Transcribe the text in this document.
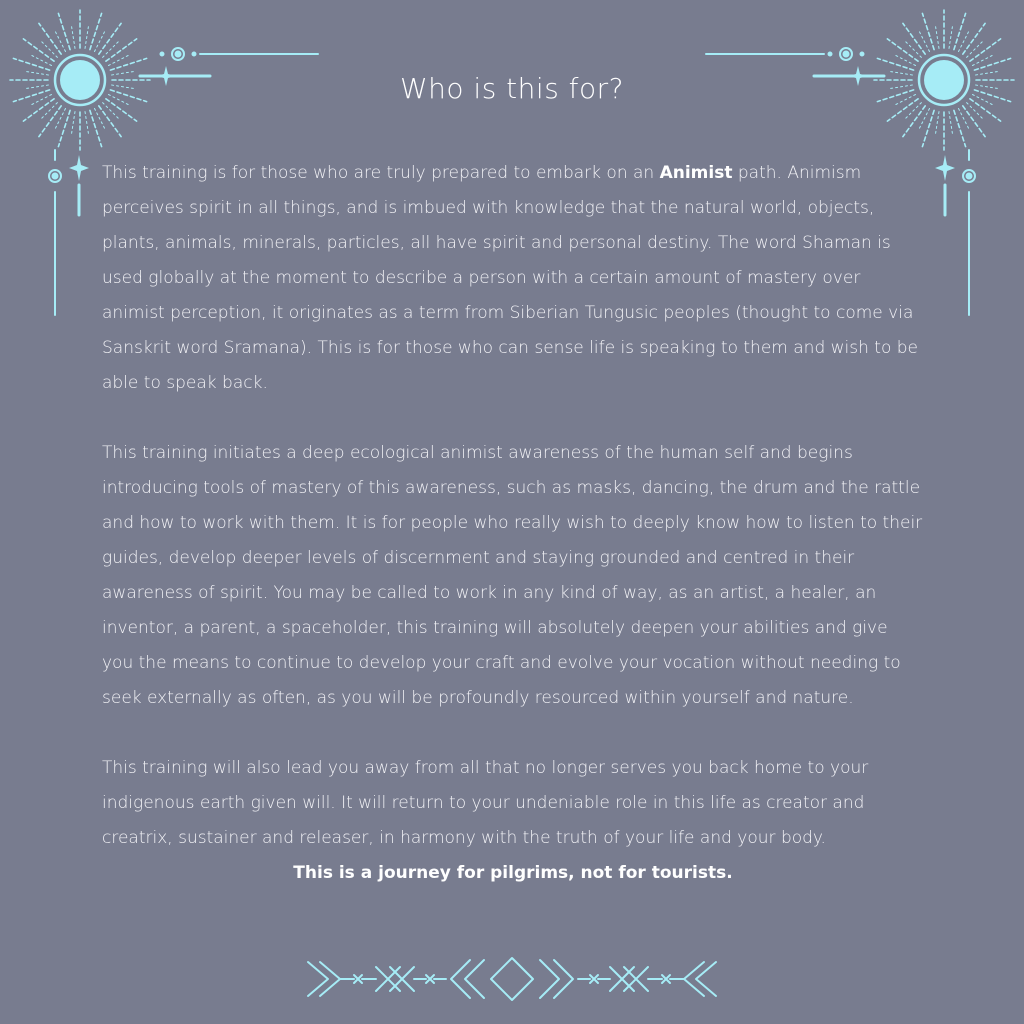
Who is this for?

This training is for those who are truly prepared to embark on an Animist path. Animism perceives spirit in all things, and is imbued with knowledge that the natural world, objects, plants, animals, minerals, particles, all have spirit and personal destiny. The word Shaman is used globally at the moment to describe a person with a certain amount of mastery over animist perception, it originates as a term from Siberian Tungusic peoples (thought to come via Sanskrit word Sramana). This is for those who can sense life is speaking to them and wish to be able to speak back.

This training initiates a deep ecological animist awareness of the human self and begins introducing tools of mastery of this awareness, such as masks, dancing, the drum and the rattle and how to work with them. It is for people who really wish to deeply know how to listen to their guides, develop deeper levels of discernment and staying grounded and centred in their awareness of spirit. You may be called to work in any kind of way, as an artist, a healer, an inventor, a parent, a spaceholder, this training will absolutely deepen your abilities and give you the means to continue to develop your craft and evolve your vocation without needing to seek externally as often, as you will be profoundly resourced within yourself and nature.

This training will also lead you away from all that no longer serves you back home to your indigenous earth given will. It will return to your undeniable role in this life as creator and creatrix, sustainer and releaser, in harmony with the truth of your life and your body.

This is a journey for pilgrims, not for tourists.
